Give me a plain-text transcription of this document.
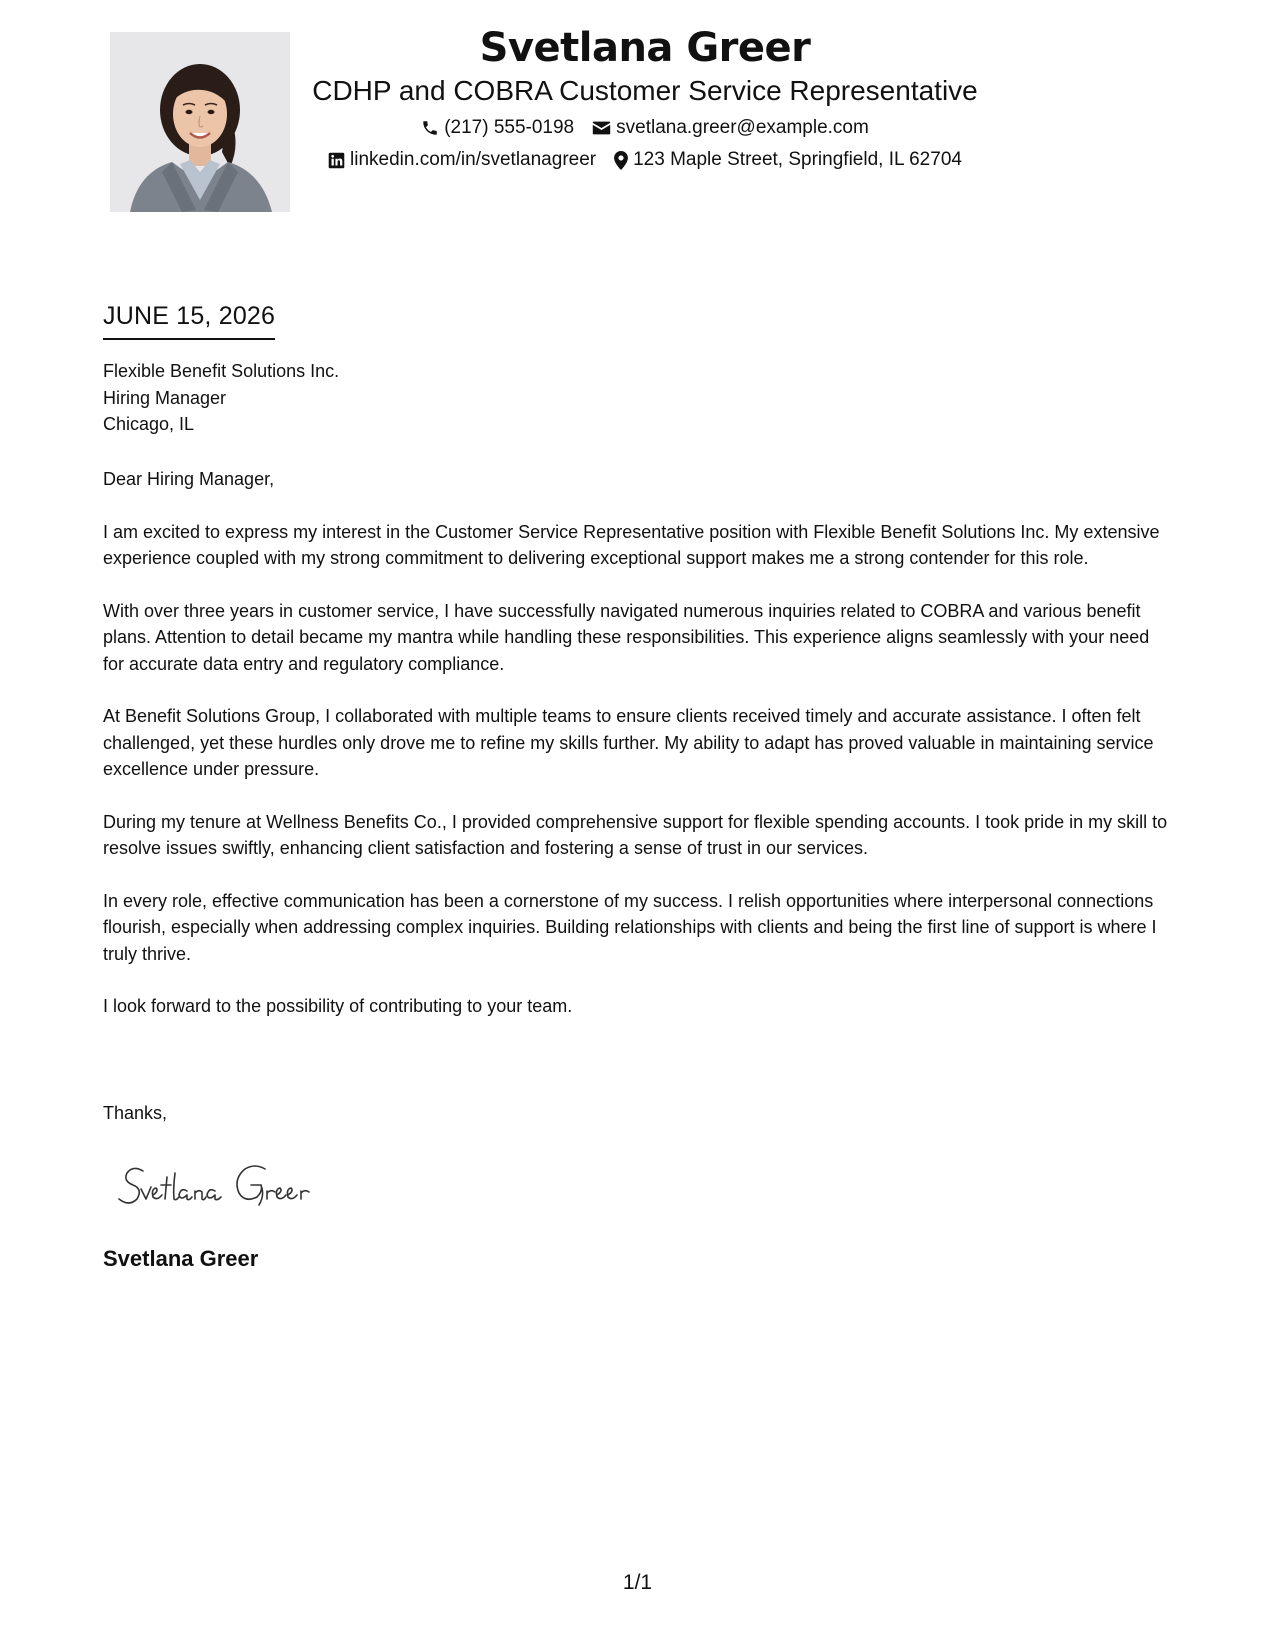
Svetlana Greer
CDHP and COBRA Customer Service Representative
(217) 555-0198 svetlana.greer@example.com
linkedin.com/in/svetlanagreer 123 Maple Street, Springfield, IL 62704
JUNE 15, 2026
Flexible Benefit Solutions Inc.
Hiring Manager
Chicago, IL

Dear Hiring Manager,

I am excited to express my interest in the Customer Service Representative position with Flexible Benefit Solutions Inc. My extensive experience coupled with my strong commitment to delivering exceptional support makes me a strong contender for this role.

With over three years in customer service, I have successfully navigated numerous inquiries related to COBRA and various benefit plans. Attention to detail became my mantra while handling these responsibilities. This experience aligns seamlessly with your need for accurate data entry and regulatory compliance.

At Benefit Solutions Group, I collaborated with multiple teams to ensure clients received timely and accurate assistance. I often felt challenged, yet these hurdles only drove me to refine my skills further. My ability to adapt has proved valuable in maintaining service excellence under pressure.

During my tenure at Wellness Benefits Co., I provided comprehensive support for flexible spending accounts. I took pride in my skill to resolve issues swiftly, enhancing client satisfaction and fostering a sense of trust in our services.

In every role, effective communication has been a cornerstone of my success. I relish opportunities where interpersonal connections flourish, especially when addressing complex inquiries. Building relationships with clients and being the first line of support is where I truly thrive.

I look forward to the possibility of contributing to your team.

Thanks,
Svetlana Greer
1/1
